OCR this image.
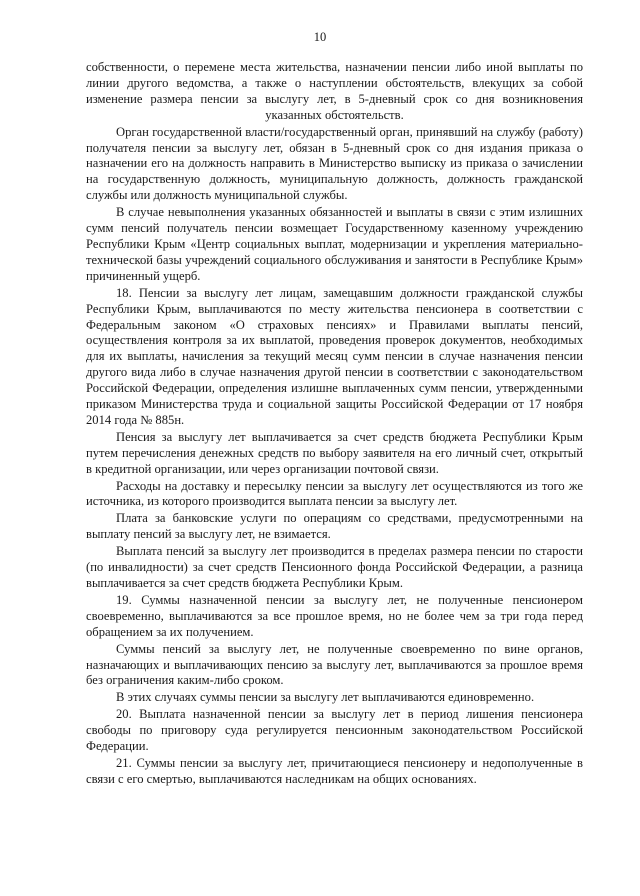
10

собственности, о перемене места жительства, назначении пенсии либо иной выплаты по линии другого ведомства, а также о наступлении обстоятельств, влекущих за собой изменение размера пенсии за выслугу лет, в 5-дневный срок со дня возникновения указанных обстоятельств.

Орган государственной власти/государственный орган, принявший на службу (работу) получателя пенсии за выслугу лет, обязан в 5-дневный срок со дня издания приказа о назначении его на должность направить в Министерство выписку из приказа о зачислении на государственную должность, муниципальную должность, должность гражданской службы или должность муниципальной службы.

В случае невыполнения указанных обязанностей и выплаты в связи с этим излишних сумм пенсий получатель пенсии возмещает Государственному казенному учреждению Республики Крым «Центр социальных выплат, модернизации и укрепления материально-технической базы учреждений социального обслуживания и занятости в Республике Крым» причиненный ущерб.

18. Пенсии за выслугу лет лицам, замещавшим должности гражданской службы Республики Крым, выплачиваются по месту жительства пенсионера в соответствии с Федеральным законом «О страховых пенсиях» и Правилами выплаты пенсий, осуществления контроля за их выплатой, проведения проверок документов, необходимых для их выплаты, начисления за текущий месяц сумм пенсии в случае назначения пенсии другого вида либо в случае назначения другой пенсии в соответствии с законодательством Российской Федерации, определения излишне выплаченных сумм пенсии, утвержденными приказом Министерства труда и социальной защиты Российской Федерации от 17 ноября 2014 года № 885н.

Пенсия за выслугу лет выплачивается за счет средств бюджета Республики Крым путем перечисления денежных средств по выбору заявителя на его личный счет, открытый в кредитной организации, или через организации почтовой связи.

Расходы на доставку и пересылку пенсии за выслугу лет осуществляются из того же источника, из которого производится выплата пенсии за выслугу лет.

Плата за банковские услуги по операциям со средствами, предусмотренными на выплату пенсий за выслугу лет, не взимается.

Выплата пенсий за выслугу лет производится в пределах размера пенсии по старости (по инвалидности) за счет средств Пенсионного фонда Российской Федерации, а разница выплачивается за счет средств бюджета Республики Крым.

19. Суммы назначенной пенсии за выслугу лет, не полученные пенсионером своевременно, выплачиваются за все прошлое время, но не более чем за три года перед обращением за их получением.

Суммы пенсий за выслугу лет, не полученные своевременно по вине органов, назначающих и выплачивающих пенсию за выслугу лет, выплачиваются за прошлое время без ограничения каким-либо сроком.

В этих случаях суммы пенсии за выслугу лет выплачиваются единовременно.

20. Выплата назначенной пенсии за выслугу лет в период лишения пенсионера свободы по приговору суда регулируется пенсионным законодательством Российской Федерации.

21. Суммы пенсии за выслугу лет, причитающиеся пенсионеру и недополученные в связи с его смертью, выплачиваются наследникам на общих основаниях.
